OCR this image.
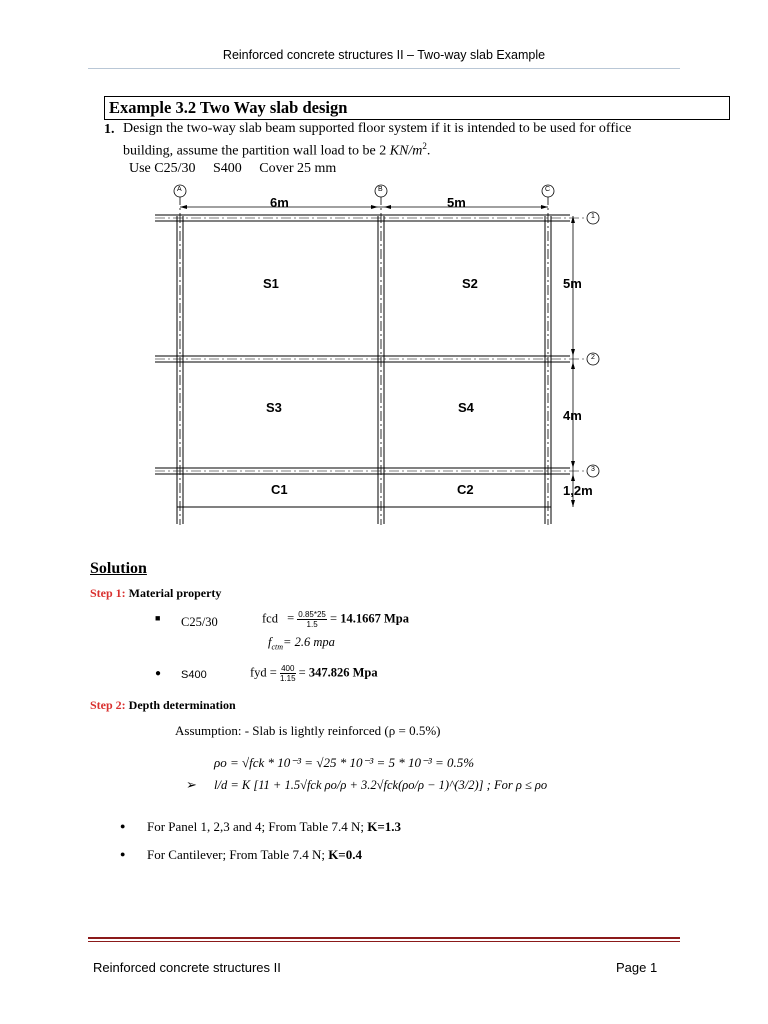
Reinforced concrete structures II – Two-way slab Example
Example 3.2 Two Way slab design
1. Design the two-way slab beam supported floor system if it is intended to be used for office
building, assume the partition wall load to be 2 $KN/m^2$.
Use C25/30     S400     Cover 25 mm
A	B	C
1
2
3
6m	5m
5m
4m
1,2m
S1	S2
S3	S4
C1	C2
Solution
Step 1: Material property
■ C25/30	fcd = $\frac{0.85*25}{1.5} = 14.1667$ Mpa
$f_{ctm}= 2.6$ mpa
● S400	fyd = $\frac{400}{1.15} = 347.826$ Mpa
Step 2: Depth determination
Assumption: - Slab is lightly reinforced (ρ = 0.5%)
ρo = √fck * 10⁻³ = √25 * 10⁻³ = 5 * 10⁻³ = 0.5%
➢ l/d = K [11 + 1.5√fck ρo/ρ + 3.2√fck(ρo/ρ − 1)^(3/2)] ; For ρ ≤ ρo
● For Panel 1, 2,3 and 4; From Table 7.4 N; K=1.3
● For Cantilever; From Table 7.4 N; K=0.4
Reinforced concrete structures II	Page 1
